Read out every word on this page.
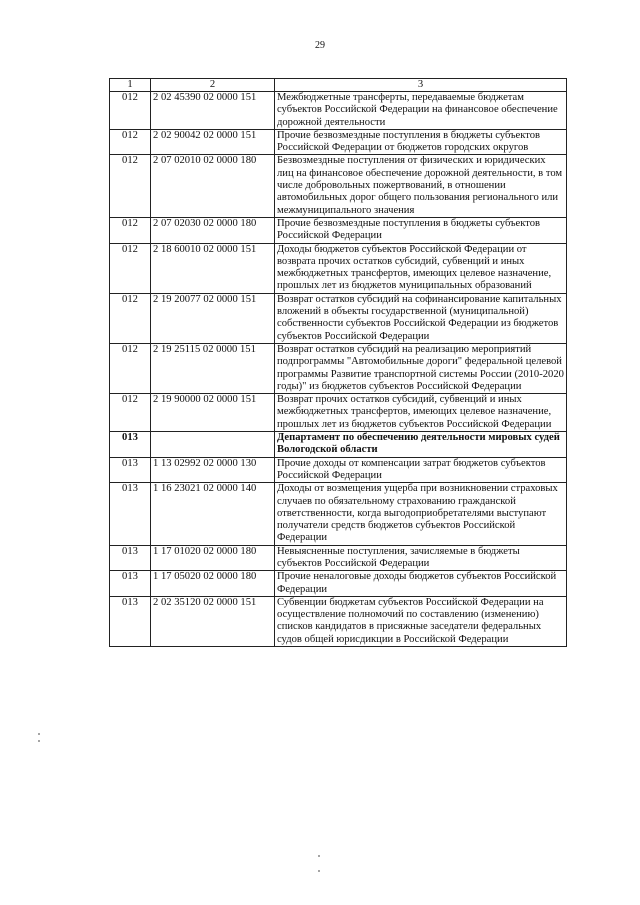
29
1	2	3
012	2 02 45390 02 0000 151	Межбюджетные трансферты, передаваемые бюджетам субъектов Российской Федерации на финансовое обеспечение дорожной деятельности
012	2 02 90042 02 0000 151	Прочие безвозмездные поступления в бюджеты субъектов Российской Федерации от бюджетов городских округов
012	2 07 02010 02 0000 180	Безвозмездные поступления от физических и юридических лиц на финансовое обеспечение дорожной деятельности, в том числе добровольных пожертвований, в отношении автомобильных дорог общего пользования регионального или межмуниципального значения
012	2 07 02030 02 0000 180	Прочие безвозмездные поступления в бюджеты субъектов Российской Федерации
012	2 18 60010 02 0000 151	Доходы бюджетов субъектов Российской Федерации от возврата прочих остатков субсидий, субвенций и иных межбюджетных трансфертов, имеющих целевое назначение, прошлых лет из бюджетов муниципальных образований
012	2 19 20077 02 0000 151	Возврат остатков субсидий на софинансирование капитальных вложений в объекты государственной (муниципальной) собственности субъектов Российской Федерации из бюджетов субъектов Российской Федерации
012	2 19 25115 02 0000 151	Возврат остатков субсидий на реализацию мероприятий подпрограммы "Автомобильные дороги" федеральной целевой программы Развитие транспортной системы России (2010-2020 годы)" из бюджетов субъектов Российской Федерации
012	2 19 90000 02 0000 151	Возврат прочих остатков субсидий, субвенций и иных межбюджетных трансфертов, имеющих целевое назначение, прошлых лет из бюджетов субъектов Российской Федерации
013		Департамент по обеспечению деятельности мировых судей Вологодской области
013	1 13 02992 02 0000 130	Прочие доходы от компенсации затрат бюджетов субъектов Российской Федерации
013	1 16 23021 02 0000 140	Доходы от возмещения ущерба при возникновении страховых случаев по обязательному страхованию гражданской ответственности, когда выгодоприобретателями выступают получатели средств бюджетов субъектов Российской Федерации
013	1 17 01020 02 0000 180	Невыясненные поступления, зачисляемые в бюджеты субъектов Российской Федерации
013	1 17 05020 02 0000 180	Прочие неналоговые доходы бюджетов субъектов Российской Федерации
013	2 02 35120 02 0000 151	Субвенции бюджетам субъектов Российской Федерации на осуществление полномочий по составлению (изменению) списков кандидатов в присяжные заседатели федеральных судов общей юрисдикции в Российской Федерации
